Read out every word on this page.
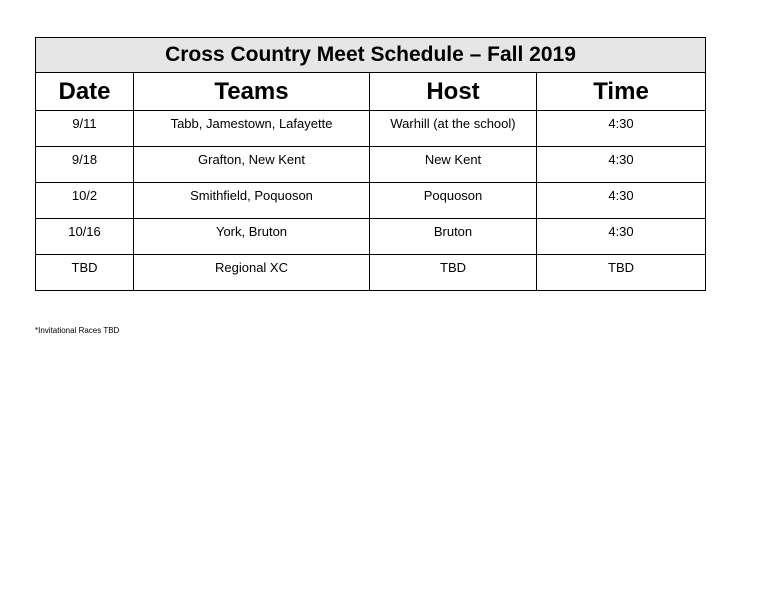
Cross Country Meet Schedule – Fall 2019			
Date	Teams	Host	Time
9/11	Tabb, Jamestown, Lafayette	Warhill (at the school)	4:30
9/18	Grafton, New Kent	New Kent	4:30
10/2	Smithfield, Poquoson	Poquoson	4:30
10/16	York, Bruton	Bruton	4:30
TBD	Regional XC	TBD	TBD
*Invitational Races TBD
